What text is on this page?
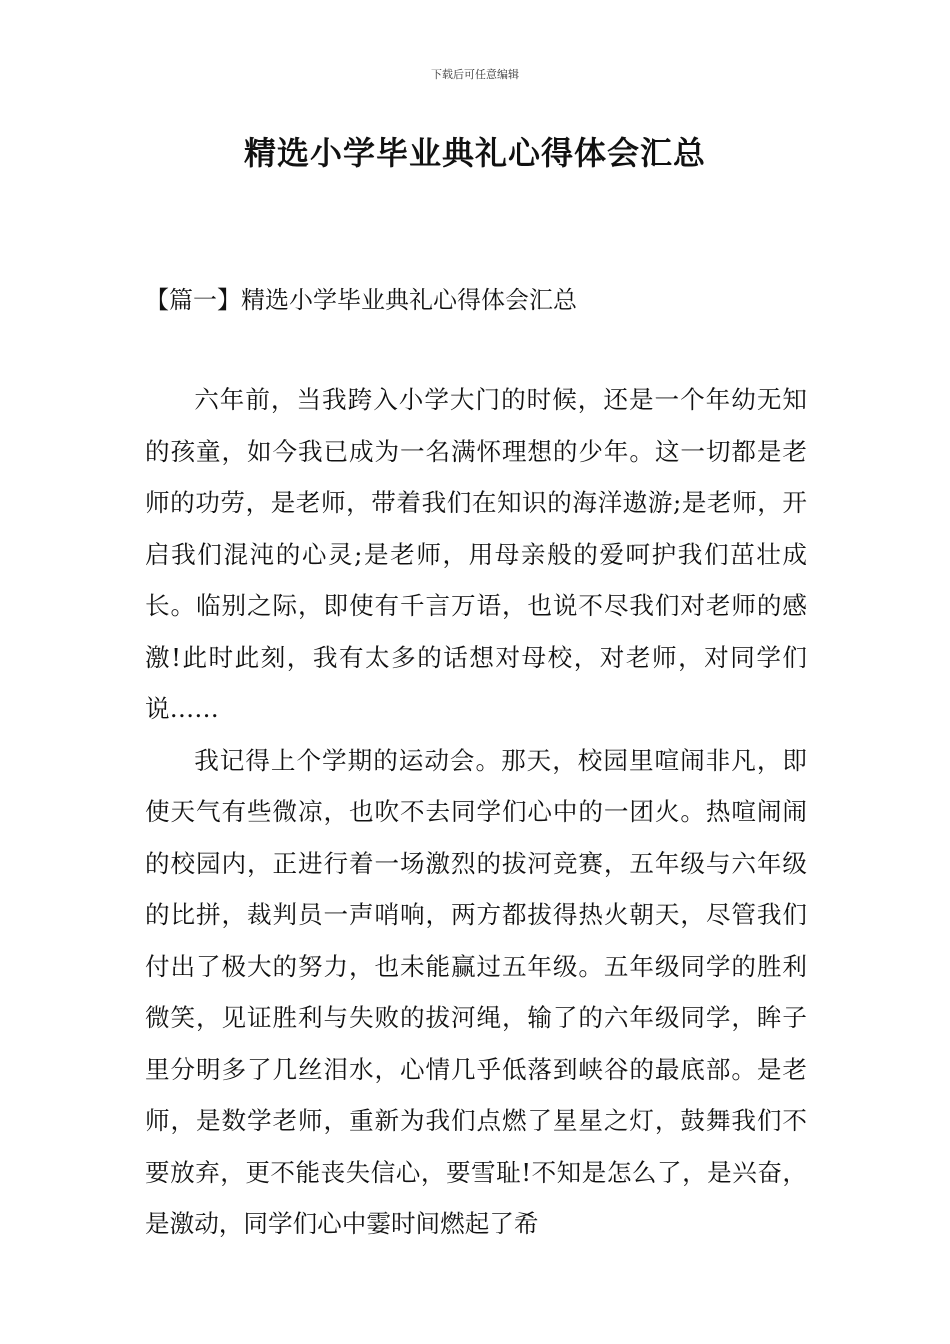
下载后可任意编辑
精选小学毕业典礼心得体会汇总
【篇一】精选小学毕业典礼心得体会汇总

六年前，当我跨入小学大门的时候，还是一个年幼无知的孩童，如今我已成为一名满怀理想的少年。这一切都是老师的功劳，是老师，带着我们在知识的海洋遨游;是老师，开启我们混沌的心灵;是老师，用母亲般的爱呵护我们茁壮成长。临别之际，即使有千言万语，也说不尽我们对老师的感激!此时此刻，我有太多的话想对母校，对老师，对同学们说……

我记得上个学期的运动会。那天，校园里喧闹非凡，即使天气有些微凉，也吹不去同学们心中的一团火。热喧闹闹的校园内，正进行着一场激烈的拔河竞赛，五年级与六年级的比拼，裁判员一声哨响，两方都拔得热火朝天，尽管我们付出了极大的努力，也未能赢过五年级。五年级同学的胜利微笑，见证胜利与失败的拔河绳，输了的六年级同学，眸子里分明多了几丝泪水，心情几乎低落到峡谷的最底部。是老师，是数学老师，重新为我们点燃了星星之灯，鼓舞我们不要放弃，更不能丧失信心，要雪耻!不知是怎么了，是兴奋，是激动，同学们心中霎时间燃起了希
